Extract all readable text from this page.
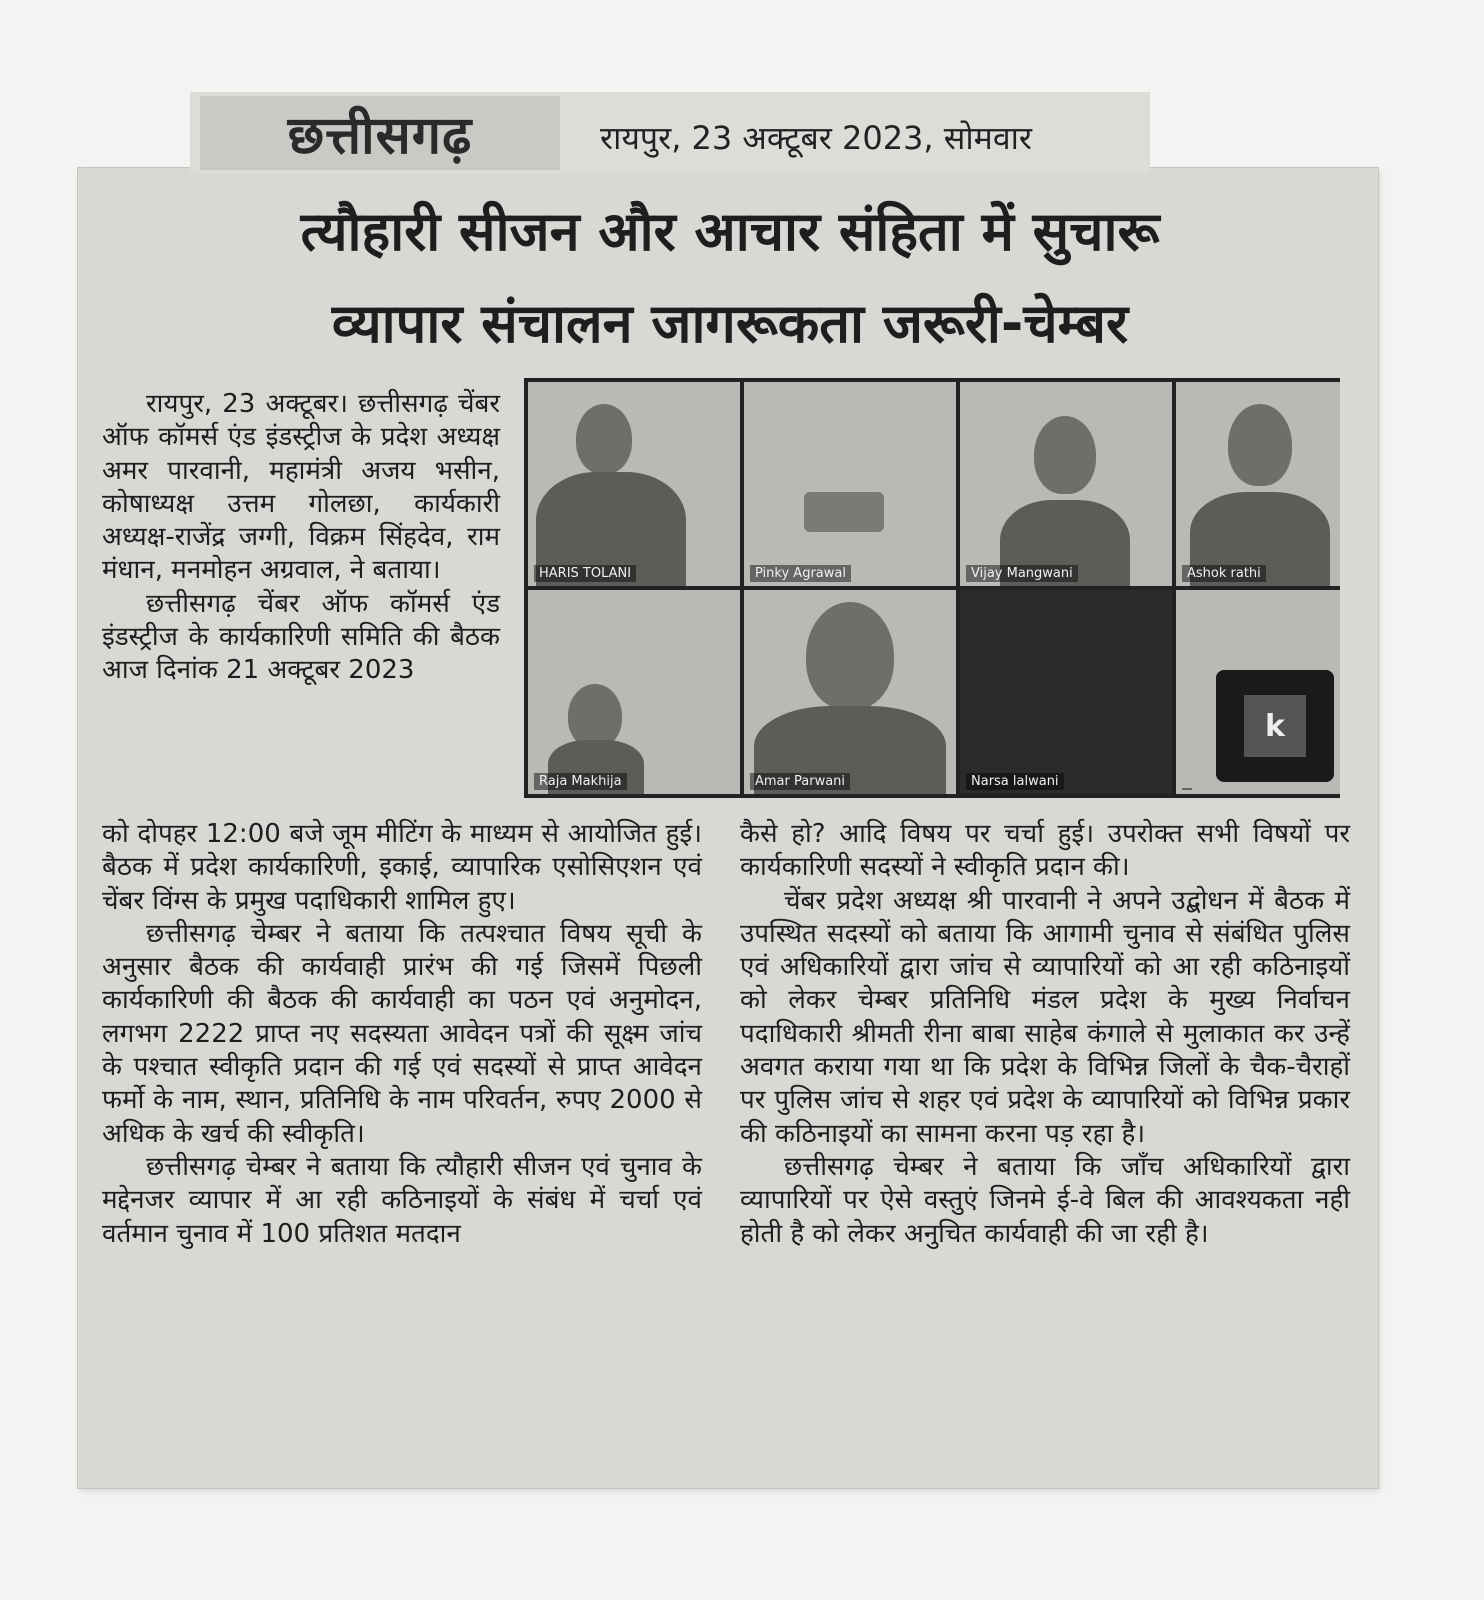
छत्तीसगढ़	रायपुर, 23 अक्टूबर 2023, सोमवार
त्यौहारी सीजन और आचार संहिता में सुचारू
व्यापार संचालन जागरूकता जरूरी-चेम्बर

रायपुर, 23 अक्टूबर। छत्तीसगढ़ चेंबर ऑफ कॉमर्स एंड इंडस्ट्रीज के प्रदेश अध्यक्ष अमर पारवानी, महामंत्री अजय भसीन, कोषाध्यक्ष उत्तम गोलछा, कार्यकारी अध्यक्ष-राजेंद्र जग्गी, विक्रम सिंहदेव, राम मंधान, मनमोहन अग्रवाल, ने बताया।

छत्तीसगढ़ चेंबर ऑफ कॉमर्स एंड इंडस्ट्रीज के कार्यकारिणी समिति की बैठक आज दिनांक 21 अक्टूबर 2023

HARIS TOLANI	Pinky Agrawal	Vijay Mangwani	Ashok rathi
Raja Makhija	Amar Parwani	Narsa lalwani
k

को दोपहर 12:00 बजे जूम मीटिंग के माध्यम से आयोजित हुई। बैठक में प्रदेश कार्यकारिणी, इकाई, व्यापारिक एसोसिएशन एवं चेंबर विंग्स के प्रमुख पदाधिकारी शामिल हुए।

छत्तीसगढ़ चेम्बर ने बताया कि तत्पश्चात विषय सूची के अनुसार बैठक की कार्यवाही प्रारंभ की गई जिसमें पिछली कार्यकारिणी की बैठक की कार्यवाही का पठन एवं अनुमोदन, लगभग 2222 प्राप्त नए सदस्यता आवेदन पत्रों की सूक्ष्म जांच के पश्चात स्वीकृति प्रदान की गई एवं सदस्यों से प्राप्त आवेदन फर्मो के नाम, स्थान, प्रतिनिधि के नाम परिवर्तन, रुपए 2000 से अधिक के खर्च की स्वीकृति।

छत्तीसगढ़ चेम्बर ने बताया कि त्यौहारी सीजन एवं चुनाव के मद्देनजर व्यापार में आ रही कठिनाइयों के संबंध में चर्चा एवं वर्तमान चुनाव में 100 प्रतिशत मतदान

कैसे हो? आदि विषय पर चर्चा हुई। उपरोक्त सभी विषयों पर कार्यकारिणी सदस्यों ने स्वीकृति प्रदान की।

चेंबर प्रदेश अध्यक्ष श्री पारवानी ने अपने उद्बोधन में बैठक में उपस्थित सदस्यों को बताया कि आगामी चुनाव से संबंधित पुलिस एवं अधिकारियों द्वारा जांच से व्यापारियों को आ रही कठिनाइयों को लेकर चेम्बर प्रतिनिधि मंडल प्रदेश के मुख्य निर्वाचन पदाधिकारी श्रीमती रीना बाबा साहेब कंगाले से मुलाकात कर उन्हें अवगत कराया गया था कि प्रदेश के विभिन्न जिलों के चैक-चैराहों पर पुलिस जांच से शहर एवं प्रदेश के व्यापारियों को विभिन्न प्रकार की कठिनाइयों का सामना करना पड़ रहा है।

छत्तीसगढ़ चेम्बर ने बताया कि जाँच अधिकारियों द्वारा व्यापारियों पर ऐसे वस्तुएं जिनमे ई-वे बिल की आवश्यकता नही होती है को लेकर अनुचित कार्यवाही की जा रही है।
